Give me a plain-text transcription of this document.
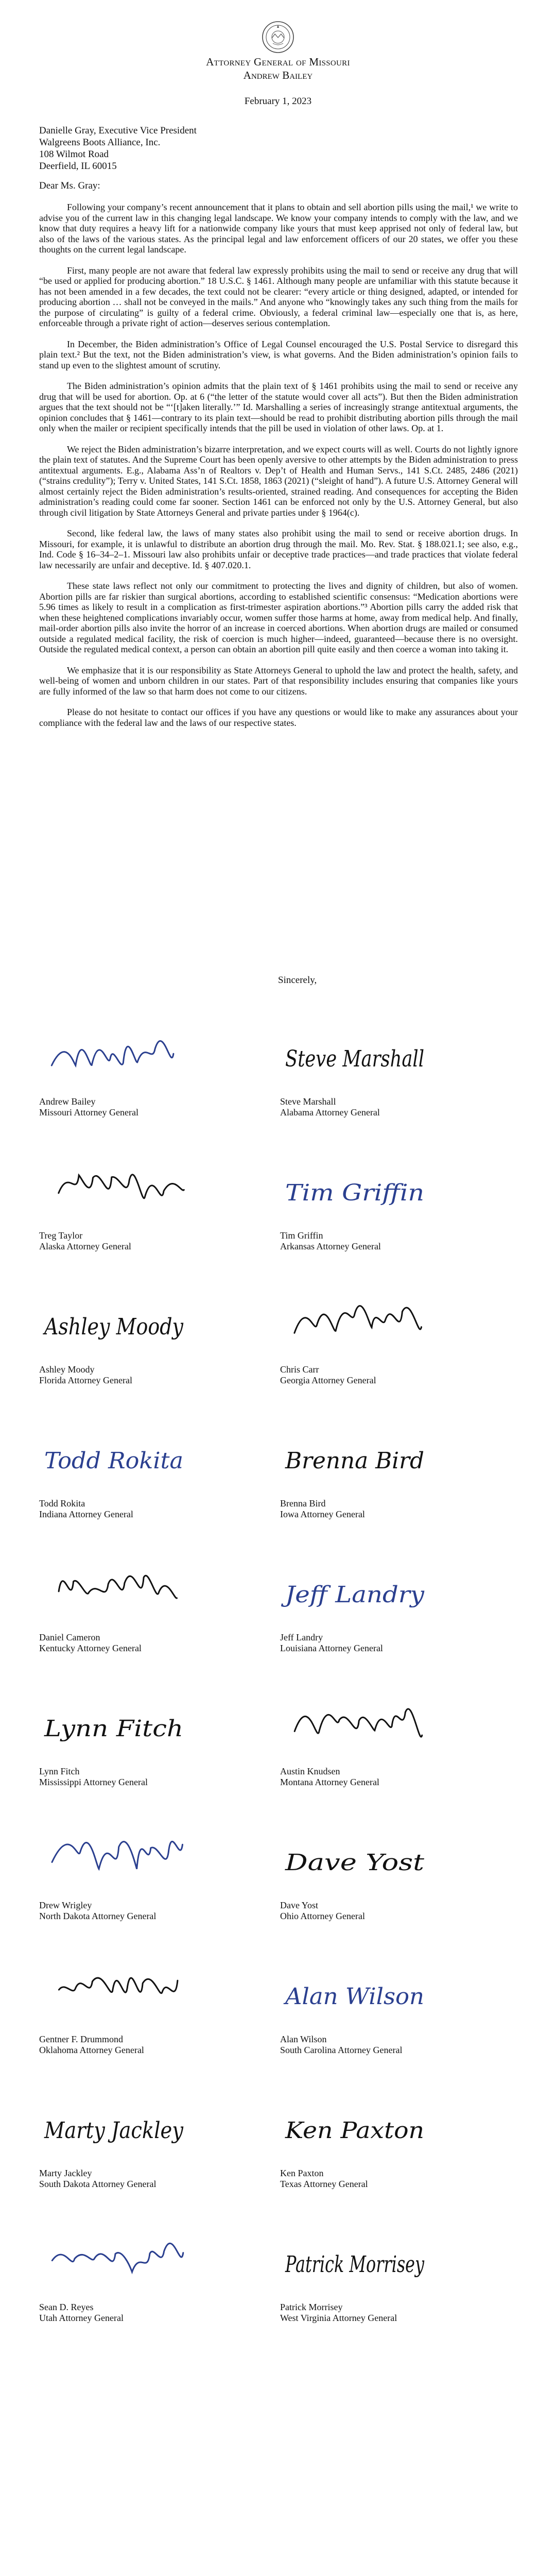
Attorney General of Missouri
Andrew Bailey
February 1, 2023
Danielle Gray, Executive Vice President
Walgreens Boots Alliance, Inc.
108 Wilmot Road
Deerfield, IL 60015
Dear Ms. Gray:

Following your company’s recent announcement that it plans to obtain and sell abortion pills using the mail,¹ we write to advise you of the current law in this changing legal landscape. We know your company intends to comply with the law, and we know that duty requires a heavy lift for a nationwide company like yours that must keep apprised not only of federal law, but also of the laws of the various states. As the principal legal and law enforcement officers of our 20 states, we offer you these thoughts on the current legal landscape.

First, many people are not aware that federal law expressly prohibits using the mail to send or receive any drug that will “be used or applied for producing abortion.” 18 U.S.C. § 1461. Although many people are unfamiliar with this statute because it has not been amended in a few decades, the text could not be clearer: “every article or thing designed, adapted, or intended for producing abortion … shall not be conveyed in the mails.” And anyone who “knowingly takes any such thing from the mails for the purpose of circulating” is guilty of a federal crime. Obviously, a federal criminal law—especially one that is, as here, enforceable through a private right of action—deserves serious contemplation.

In December, the Biden administration’s Office of Legal Counsel encouraged the U.S. Postal Service to disregard this plain text.² But the text, not the Biden administration’s view, is what governs. And the Biden administration’s opinion fails to stand up even to the slightest amount of scrutiny.

The Biden administration’s opinion admits that the plain text of § 1461 prohibits using the mail to send or receive any drug that will be used for abortion. Op. at 6 (“the letter of the statute would cover all acts”). But then the Biden administration argues that the text should not be “‘[t]aken literally.’” Id. Marshalling a series of increasingly strange antitextual arguments, the opinion concludes that § 1461—contrary to its plain text—should be read to prohibit distributing abortion pills through the mail only when the mailer or recipient specifically intends that the pill be used in violation of other laws. Op. at 1.

We reject the Biden administration’s bizarre interpretation, and we expect courts will as well. Courts do not lightly ignore the plain text of statutes. And the Supreme Court has been openly aversive to other attempts by the Biden administration to press antitextual arguments. E.g., Alabama Ass’n of Realtors v. Dep’t of Health and Human Servs., 141 S.Ct. 2485, 2486 (2021) (“strains credulity”); Terry v. United States, 141 S.Ct. 1858, 1863 (2021) (“sleight of hand”). A future U.S. Attorney General will almost certainly reject the Biden administration’s results-oriented, strained reading. And consequences for accepting the Biden administration’s reading could come far sooner. Section 1461 can be enforced not only by the U.S. Attorney General, but also through civil litigation by State Attorneys General and private parties under § 1964(c).

Second, like federal law, the laws of many states also prohibit using the mail to send or receive abortion drugs. In Missouri, for example, it is unlawful to distribute an abortion drug through the mail. Mo. Rev. Stat. § 188.021.1; see also, e.g., Ind. Code § 16–34–2–1. Missouri law also prohibits unfair or deceptive trade practices—and trade practices that violate federal law necessarily are unfair and deceptive. Id. § 407.020.1.

These state laws reflect not only our commitment to protecting the lives and dignity of children, but also of women. Abortion pills are far riskier than surgical abortions, according to established scientific consensus: “Medication abortions were 5.96 times as likely to result in a complication as first-trimester aspiration abortions.”³ Abortion pills carry the added risk that when these heightened complications invariably occur, women suffer those harms at home, away from medical help. And finally, mail-order abortion pills also invite the horror of an increase in coerced abortions. When abortion drugs are mailed or consumed outside a regulated medical facility, the risk of coercion is much higher—indeed, guaranteed—because there is no oversight. Outside the regulated medical context, a person can obtain an abortion pill quite easily and then coerce a woman into taking it.

We emphasize that it is our responsibility as State Attorneys General to uphold the law and protect the health, safety, and well-being of women and unborn children in our states. Part of that responsibility includes ensuring that companies like yours are fully informed of the law so that harm does not come to our citizens.

Please do not hesitate to contact our offices if you have any questions or would like to make any assurances about your compliance with the federal law and the laws of our respective states.

Sincerely,
Andrew Bailey
Missouri Attorney General
Steve Marshall
Steve Marshall
Alabama Attorney General
Treg Taylor
Alaska Attorney General
Tim Griffin
Tim Griffin
Arkansas Attorney General
Ashley Moody
Ashley Moody
Florida Attorney General
Chris Carr
Georgia Attorney General
Todd Rokita
Todd Rokita
Indiana Attorney General
Brenna Bird
Brenna Bird
Iowa Attorney General
Daniel Cameron
Kentucky Attorney General
Jeff Landry
Jeff Landry
Louisiana Attorney General
Lynn Fitch
Lynn Fitch
Mississippi Attorney General
Austin Knudsen
Montana Attorney General
Drew Wrigley
North Dakota Attorney General
Dave Yost
Dave Yost
Ohio Attorney General
Gentner F. Drummond
Oklahoma Attorney General
Alan Wilson
Alan Wilson
South Carolina Attorney General
Marty Jackley
Marty Jackley
South Dakota Attorney General
Ken Paxton
Ken Paxton
Texas Attorney General
Sean D. Reyes
Utah Attorney General
Patrick Morrisey
Patrick Morrisey
West Virginia Attorney General
